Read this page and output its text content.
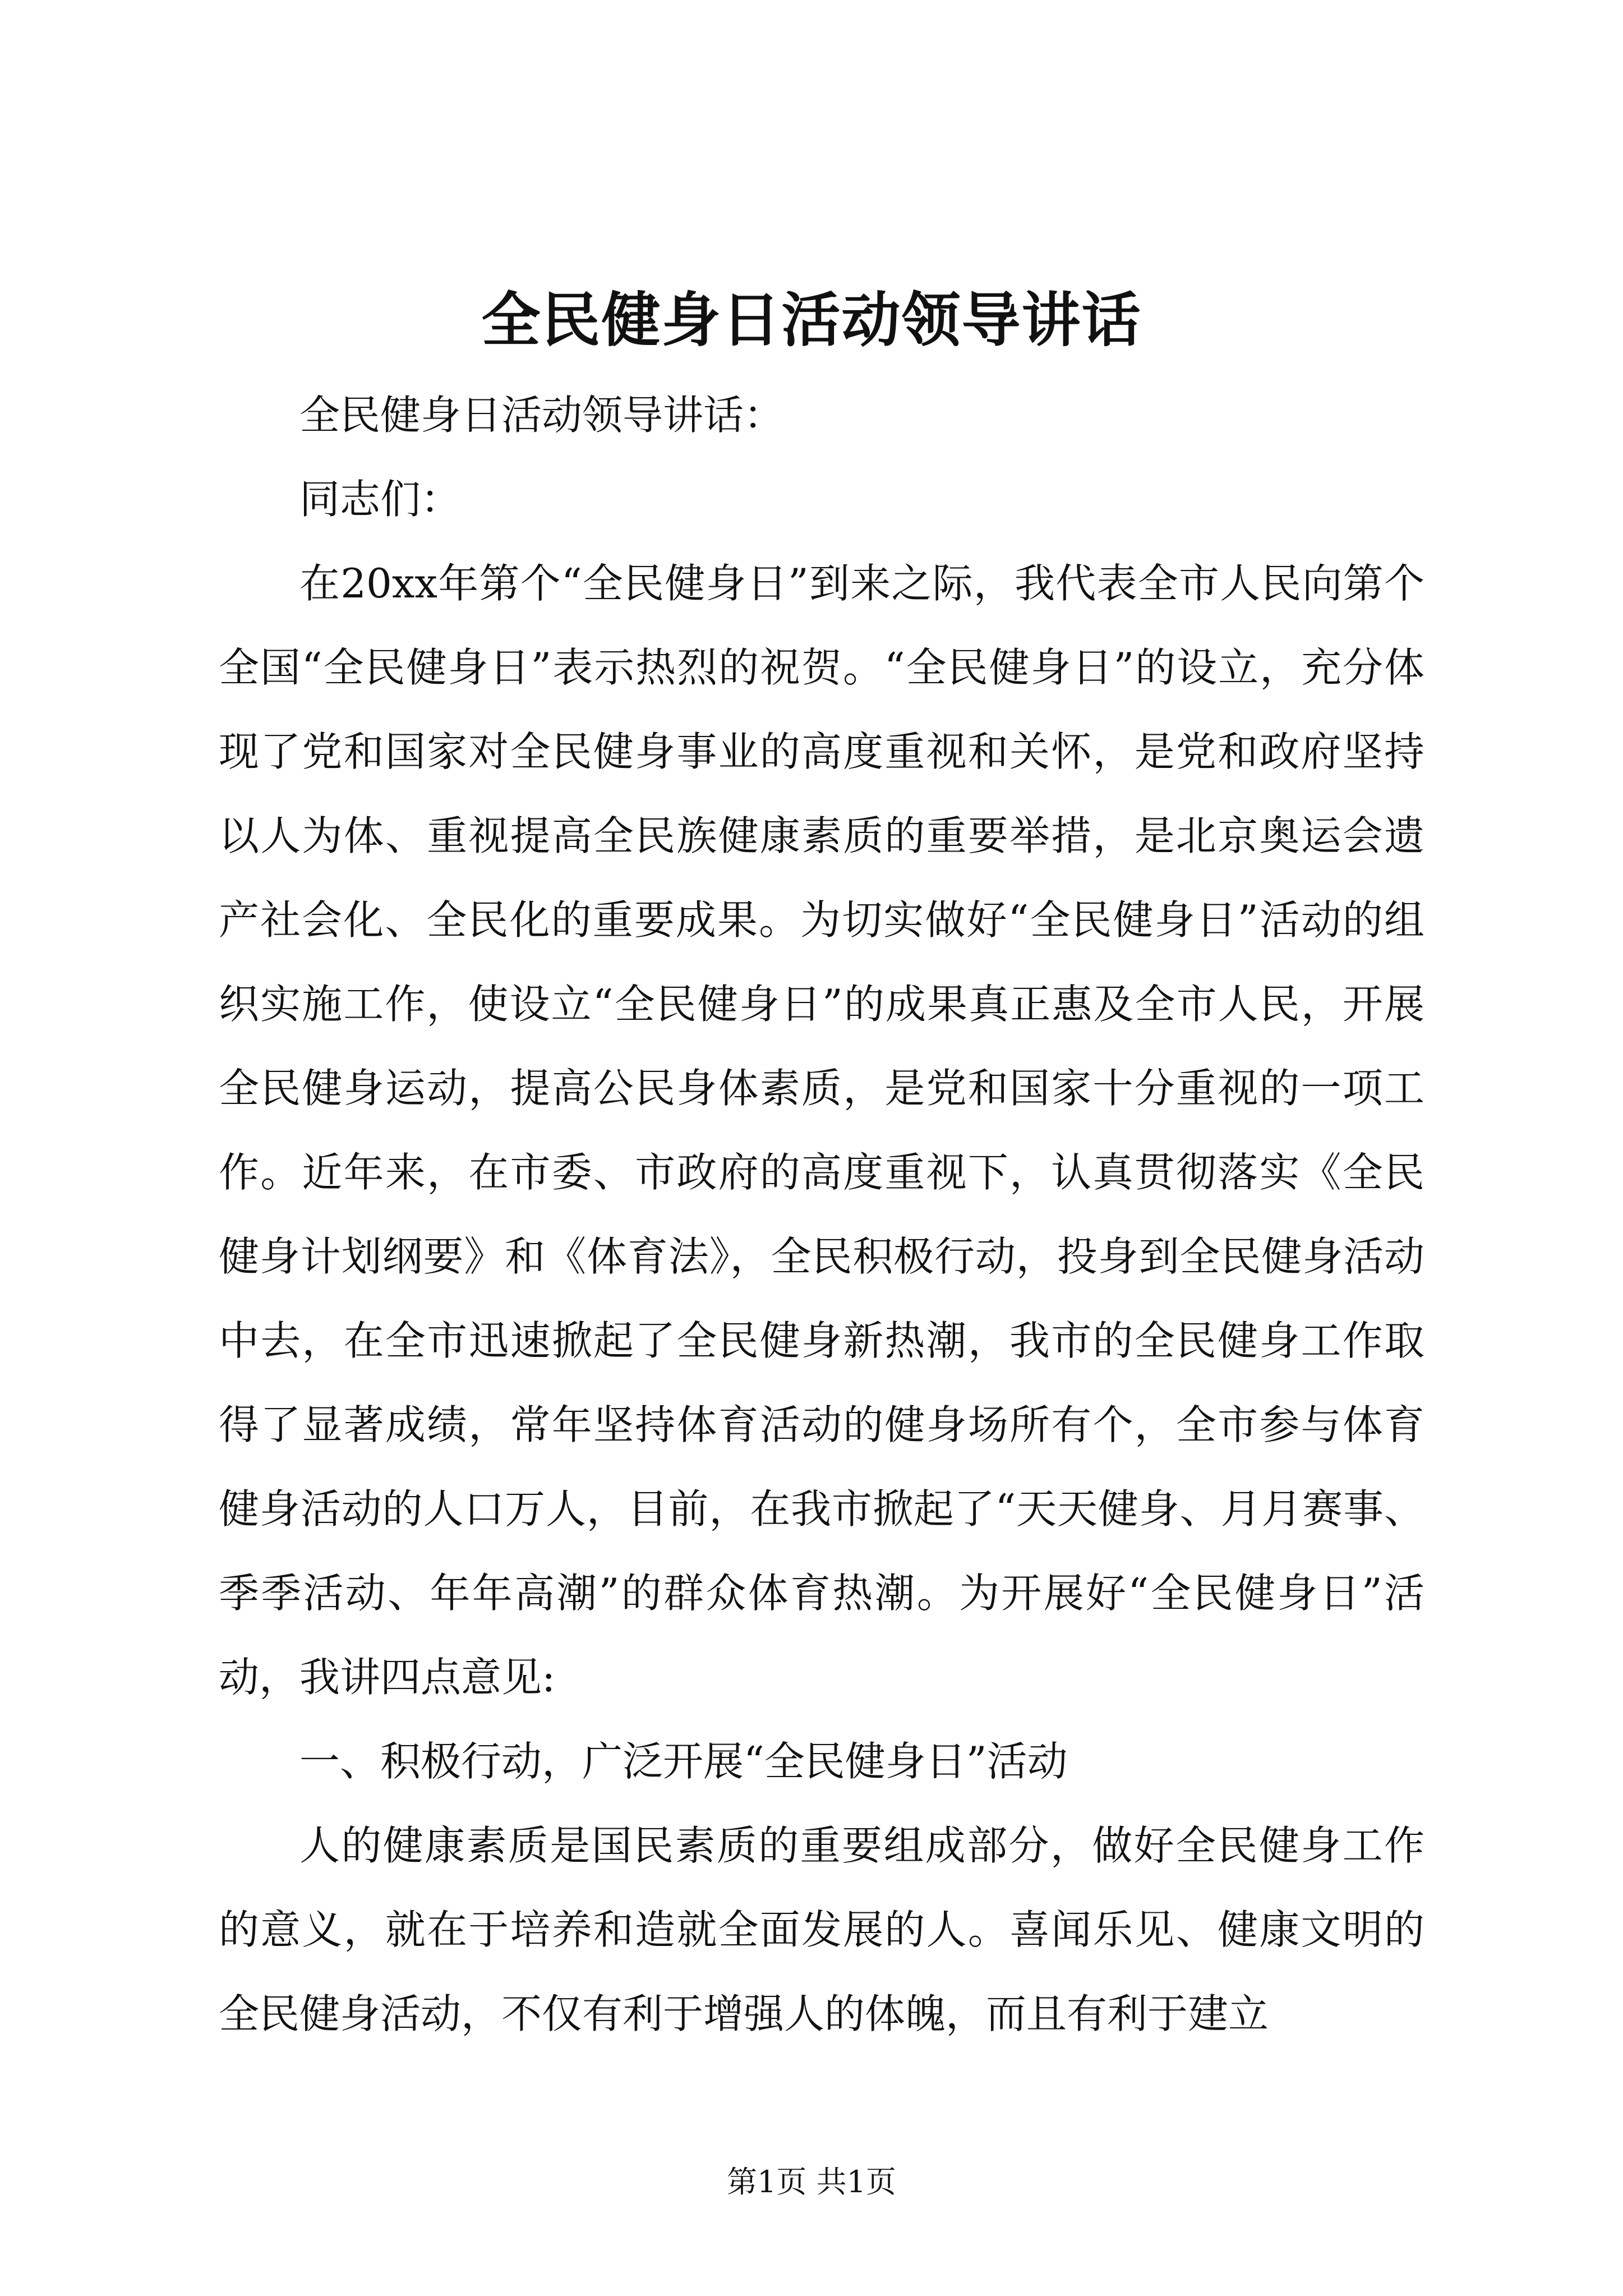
全民健身日活动领导讲话

全民健身日活动领导讲话：

同志们：

在20xx年第个“全民健身日”到来之际，我代表全市人民向第个全国“全民健身日”表示热烈的祝贺。“全民健身日”的设立，充分体现了党和国家对全民健身事业的高度重视和关怀，是党和政府坚持以人为体、重视提高全民族健康素质的重要举措，是北京奥运会遗产社会化、全民化的重要成果。为切实做好“全民健身日”活动的组织实施工作，使设立“全民健身日”的成果真正惠及全市人民，开展全民健身运动，提高公民身体素质，是党和国家十分重视的一项工作。近年来，在市委、市政府的高度重视下，认真贯彻落实《全民健身计划纲要》和《体育法》，全民积极行动，投身到全民健身活动中去，在全市迅速掀起了全民健身新热潮，我市的全民健身工作取得了显著成绩，常年坚持体育活动的健身场所有个，全市参与体育健身活动的人口万人，目前，在我市掀起了“天天健身、月月赛事、季季活动、年年高潮”的群众体育热潮。为开展好“全民健身日”活动，我讲四点意见:

一、积极行动，广泛开展“全民健身日”活动

人的健康素质是国民素质的重要组成部分，做好全民健身工作的意义，就在于培养和造就全面发展的人。喜闻乐见、健康文明的全民健身活动，不仅有利于增强人的体魄，而且有利于建立

第1页 共1页
